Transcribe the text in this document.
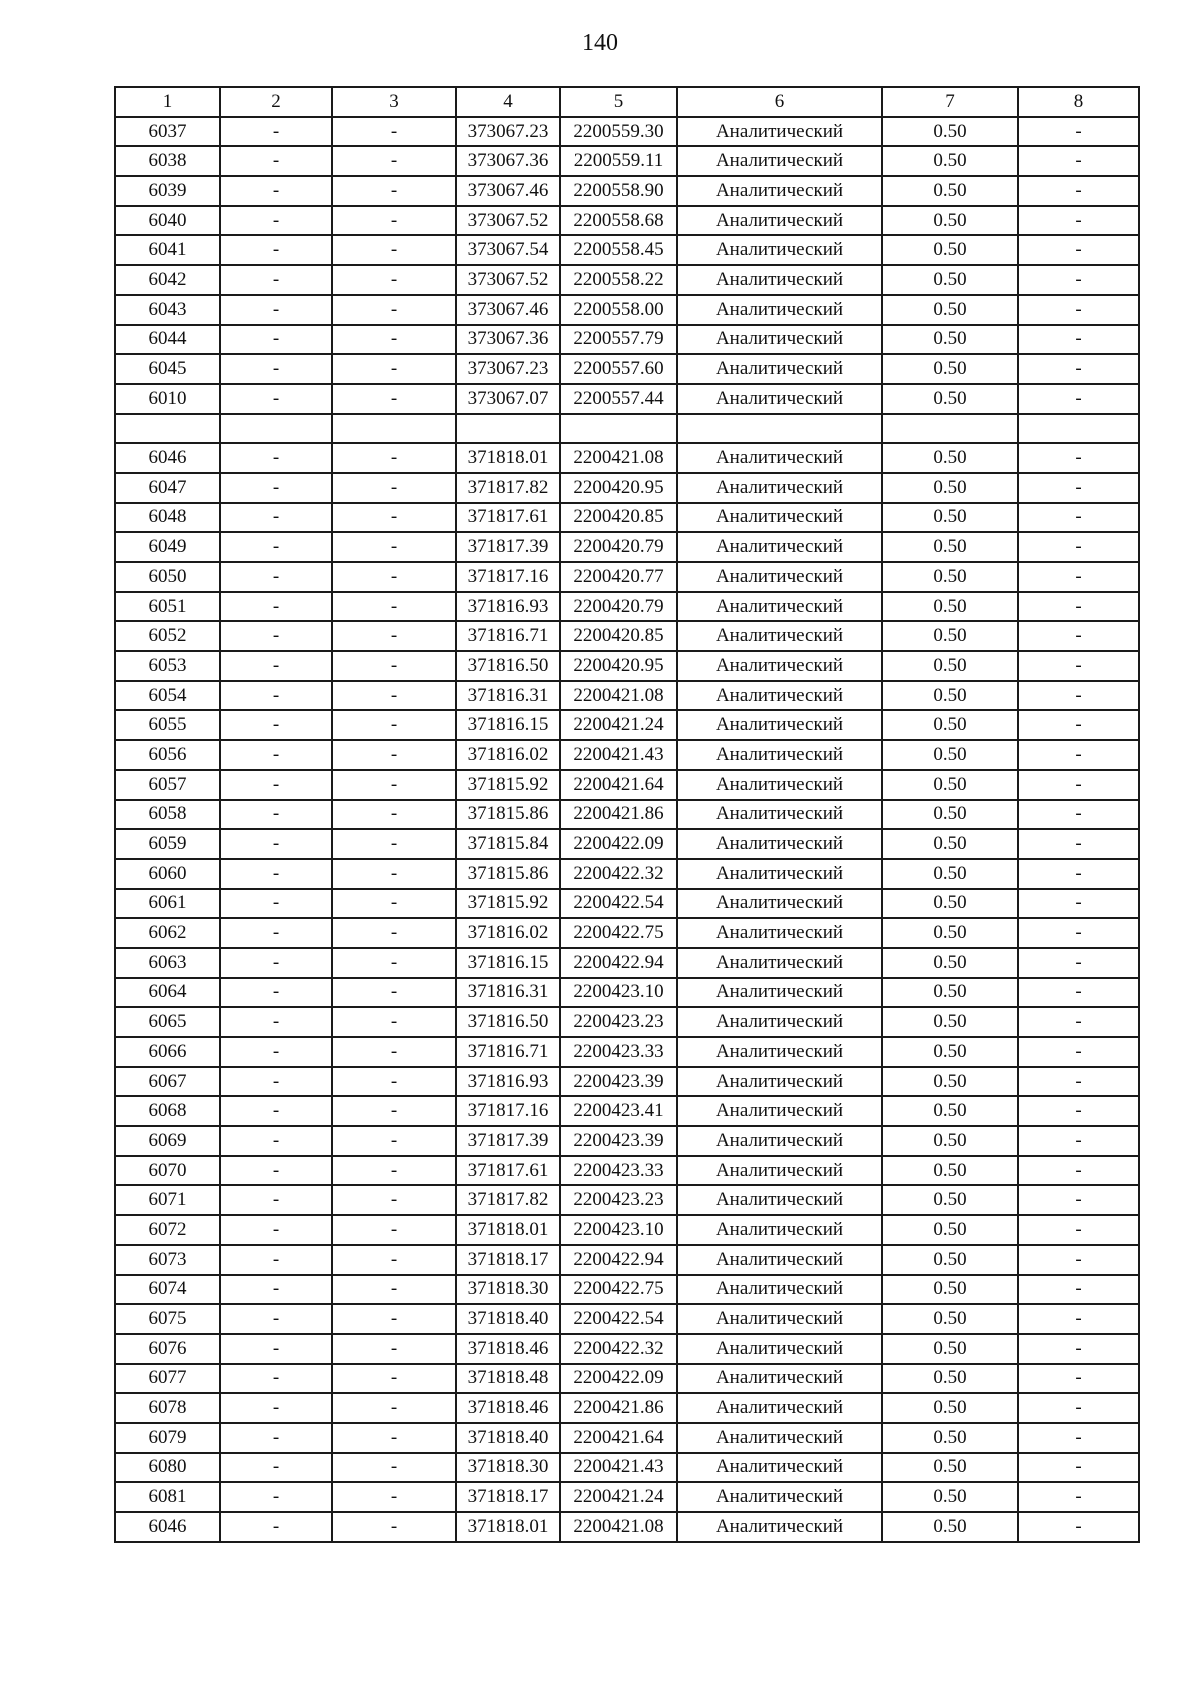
140
1	2	3	4	5	6	7	8
6037	-	-	373067.23	2200559.30	Аналитический	0.50	-
6038	-	-	373067.36	2200559.11	Аналитический	0.50	-
6039	-	-	373067.46	2200558.90	Аналитический	0.50	-
6040	-	-	373067.52	2200558.68	Аналитический	0.50	-
6041	-	-	373067.54	2200558.45	Аналитический	0.50	-
6042	-	-	373067.52	2200558.22	Аналитический	0.50	-
6043	-	-	373067.46	2200558.00	Аналитический	0.50	-
6044	-	-	373067.36	2200557.79	Аналитический	0.50	-
6045	-	-	373067.23	2200557.60	Аналитический	0.50	-
6010	-	-	373067.07	2200557.44	Аналитический	0.50	-

6046	-	-	371818.01	2200421.08	Аналитический	0.50	-
6047	-	-	371817.82	2200420.95	Аналитический	0.50	-
6048	-	-	371817.61	2200420.85	Аналитический	0.50	-
6049	-	-	371817.39	2200420.79	Аналитический	0.50	-
6050	-	-	371817.16	2200420.77	Аналитический	0.50	-
6051	-	-	371816.93	2200420.79	Аналитический	0.50	-
6052	-	-	371816.71	2200420.85	Аналитический	0.50	-
6053	-	-	371816.50	2200420.95	Аналитический	0.50	-
6054	-	-	371816.31	2200421.08	Аналитический	0.50	-
6055	-	-	371816.15	2200421.24	Аналитический	0.50	-
6056	-	-	371816.02	2200421.43	Аналитический	0.50	-
6057	-	-	371815.92	2200421.64	Аналитический	0.50	-
6058	-	-	371815.86	2200421.86	Аналитический	0.50	-
6059	-	-	371815.84	2200422.09	Аналитический	0.50	-
6060	-	-	371815.86	2200422.32	Аналитический	0.50	-
6061	-	-	371815.92	2200422.54	Аналитический	0.50	-
6062	-	-	371816.02	2200422.75	Аналитический	0.50	-
6063	-	-	371816.15	2200422.94	Аналитический	0.50	-
6064	-	-	371816.31	2200423.10	Аналитический	0.50	-
6065	-	-	371816.50	2200423.23	Аналитический	0.50	-
6066	-	-	371816.71	2200423.33	Аналитический	0.50	-
6067	-	-	371816.93	2200423.39	Аналитический	0.50	-
6068	-	-	371817.16	2200423.41	Аналитический	0.50	-
6069	-	-	371817.39	2200423.39	Аналитический	0.50	-
6070	-	-	371817.61	2200423.33	Аналитический	0.50	-
6071	-	-	371817.82	2200423.23	Аналитический	0.50	-
6072	-	-	371818.01	2200423.10	Аналитический	0.50	-
6073	-	-	371818.17	2200422.94	Аналитический	0.50	-
6074	-	-	371818.30	2200422.75	Аналитический	0.50	-
6075	-	-	371818.40	2200422.54	Аналитический	0.50	-
6076	-	-	371818.46	2200422.32	Аналитический	0.50	-
6077	-	-	371818.48	2200422.09	Аналитический	0.50	-
6078	-	-	371818.46	2200421.86	Аналитический	0.50	-
6079	-	-	371818.40	2200421.64	Аналитический	0.50	-
6080	-	-	371818.30	2200421.43	Аналитический	0.50	-
6081	-	-	371818.17	2200421.24	Аналитический	0.50	-
6046	-	-	371818.01	2200421.08	Аналитический	0.50	-
